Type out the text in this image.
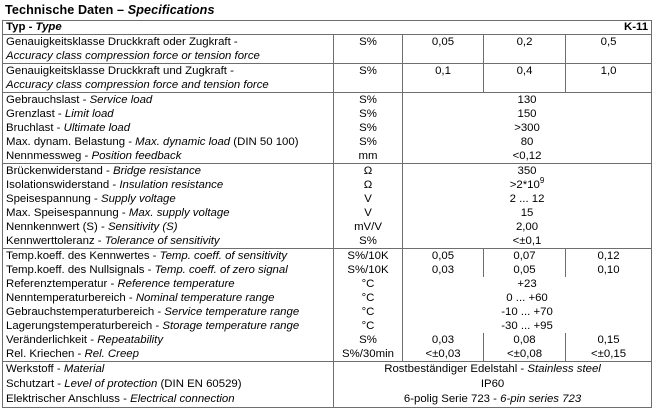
Technische Daten – Specifications
Typ - Type K-11				

Genauigkeitsklasse Druckkraft oder Zugkraft -
Accuracy class compression force or tension force	S%	0,05	0,2	0,5
Genauigkeitsklasse Druckkraft und Zugkraft -
Accuracy class compression force and tension force	S%	0,1	0,4	1,0
Gebrauchslast - Service load	S%	130		
Grenzlast - Limit load	S%	150		
Bruchlast - Ultimate load	S%	>300		
Max. dynam. Belastung - Max. dynamic load (DIN 50 100)	S%	80		
Nennmessweg - Position feedback	mm	<0,12		
Brückenwiderstand - Bridge resistance	Ω	350		
Isolationswiderstand - Insulation resistance	Ω	$>2*10^9$
Speisespannung - Supply voltage	V	2 ... 12		
Max. Speisespannung - Max. supply voltage	V	15		
Nennkennwert (S) - Sensitivity (S)	mV/V	2,00		
Kennwerttoleranz - Tolerance of sensitivity	S%	<±0,1		
Temp.koeff. des Kennwertes - Temp. coeff. of sensitivity	S%/10K	0,05	0,07	0,12
Temp.koeff. des Nullsignals - Temp. coeff. of zero signal	S%/10K	0,03	0,05	0,10
Referenztemperatur - Reference temperature	°C	+23		
Nenntemperaturbereich - Nominal temperature range	°C	0 ... +60		
Gebrauchstemperaturbereich - Service temperature range	°C	-10 ... +70		
Lagerungstemperaturbereich - Storage temperature range	°C	-30 ... +95		
Veränderlichkeit - Repeatability	S%	0,03	0,08	0,15
Rel. Kriechen - Rel. Creep	S%/30min	<±0,03	<±0,08	<±0,15
Werkstoff - Material	Rostbeständiger Edelstahl - Stainless steel			
Schutzart - Level of protection (DIN EN 60529)	IP60			
Elektrischer Anschluss - Electrical connection	6-polig Serie 723 - 6-pin series 723			
